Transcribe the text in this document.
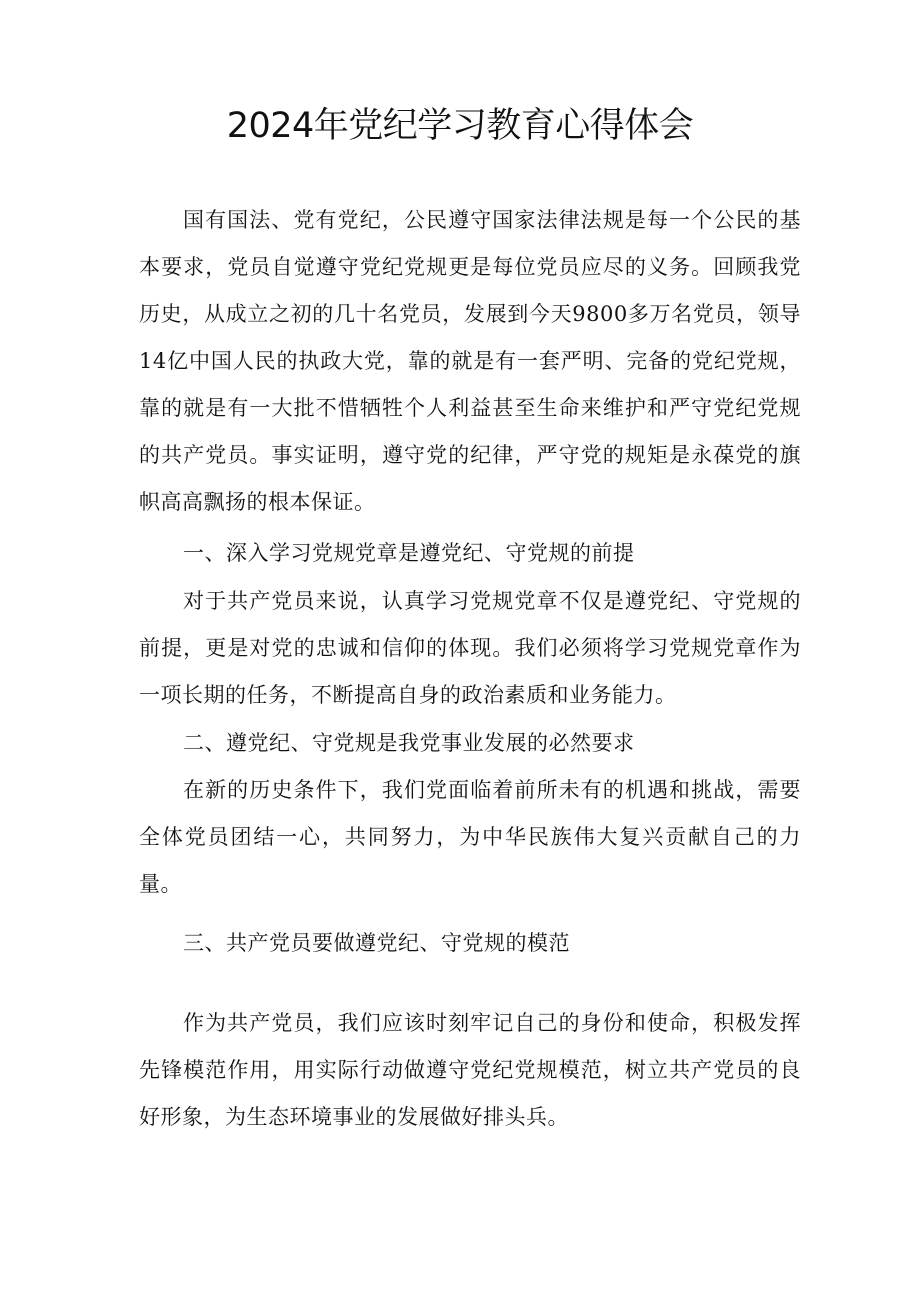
2024年党纪学习教育心得体会

国有国法、党有党纪，公民遵守国家法律法规是每一个公民的基本要求，党员自觉遵守党纪党规更是每位党员应尽的义务。回顾我党历史，从成立之初的几十名党员，发展到今天9800多万名党员，领导14亿中国人民的执政大党，靠的就是有一套严明、完备的党纪党规，靠的就是有一大批不惜牺牲个人利益甚至生命来维护和严守党纪党规的共产党员。事实证明，遵守党的纪律，严守党的规矩是永葆党的旗帜高高飘扬的根本保证。

一、深入学习党规党章是遵党纪、守党规的前提

对于共产党员来说，认真学习党规党章不仅是遵党纪、守党规的前提，更是对党的忠诚和信仰的体现。我们必须将学习党规党章作为一项长期的任务，不断提高自身的政治素质和业务能力。

二、遵党纪、守党规是我党事业发展的必然要求

在新的历史条件下，我们党面临着前所未有的机遇和挑战，需要全体党员团结一心，共同努力，为中华民族伟大复兴贡献自己的力量。

三、共产党员要做遵党纪、守党规的模范

作为共产党员，我们应该时刻牢记自己的身份和使命，积极发挥先锋模范作用，用实际行动做遵守党纪党规模范，树立共产党员的良好形象，为生态环境事业的发展做好排头兵。
